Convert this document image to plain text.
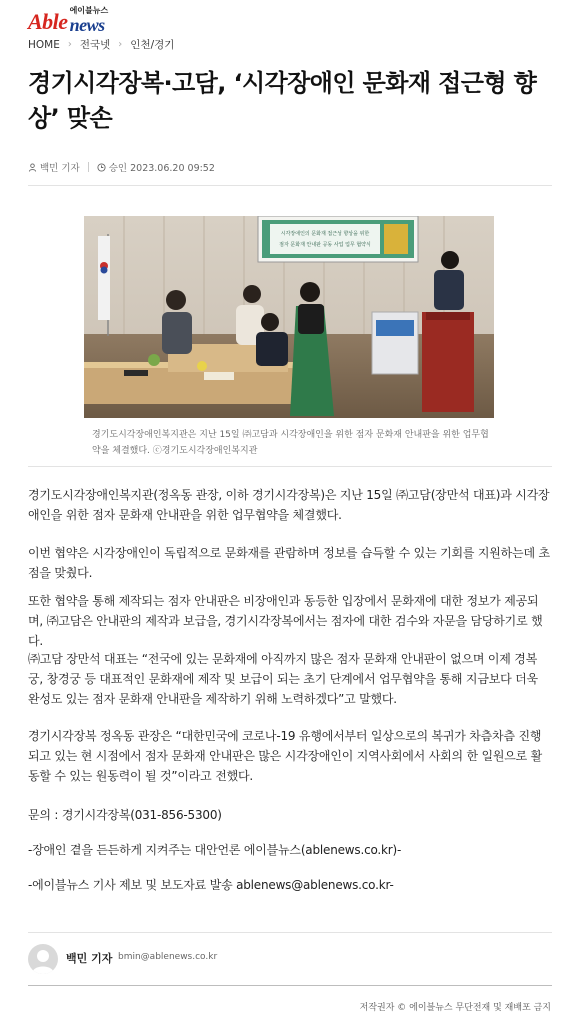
Able 에이블뉴스
news
HOME › 전국넷 › 인천/경기
경기시각장복·고담, ‘시각장애인 문화재 접근형 향상’ 맞손
백민 기자	승인 2023.06.20 09:52
시각장애인의 문화재 접근성 향상을 위한
점자 문화재 안내판 공동 사업 업무 협약식

경기도시각장애인복지관은 지난 15일 ㈜고담과 시각장애인을 위한 점자 문화재 안내판을 위한 업무협약을 체결했다. ⓒ경기도시각장애인복지관

경기도시각장애인복지관(정옥동 관장, 이하 경기시각장복)은 지난 15일 ㈜고담(장만석 대표)과 시각장애인을 위한 점자 문화재 안내판을 위한 업무협약을 체결했다.

이번 협약은 시각장애인이 독립적으로 문화재를 관람하며 정보를 습득할 수 있는 기회를 지원하는데 초점을 맞췄다.

또한 협약을 통해 제작되는 점자 안내판은 비장애인과 동등한 입장에서 문화재에 대한 정보가 제공되며, ㈜고담은 안내판의 제작과 보급을, 경기시각장복에서는 점자에 대한 검수와 자문을 담당하기로 했다.

㈜고담 장만석 대표는 “전국에 있는 문화재에 아직까지 많은 점자 문화재 안내판이 없으며 이제 경복궁, 창경궁 등 대표적인 문화재에 제작 및 보급이 되는 초기 단계에서 업무협약을 통해 지금보다 더욱 완성도 있는 점자 문화재 안내판을 제작하기 위해 노력하겠다”고 말했다.

경기시각장복 정옥동 관장은 “대한민국에 코로나-19 유행에서부터 일상으로의 복귀가 차츰차츰 진행되고 있는 현 시점에서 점자 문화재 안내판은 많은 시각장애인이 지역사회에서 사회의 한 일원으로 활동할 수 있는 원동력이 될 것”이라고 전했다.

문의 : 경기시각장복(031-856-5300)

-장애인 곁을 든든하게 지켜주는 대안언론 에이블뉴스(ablenews.co.kr)-

-에이블뉴스 기사 제보 및 보도자료 발송 ablenews@ablenews.co.kr-

백민 기자 bmin@ablenews.co.kr
저작권자 © 에이블뉴스 무단전재 및 재배포 금지
